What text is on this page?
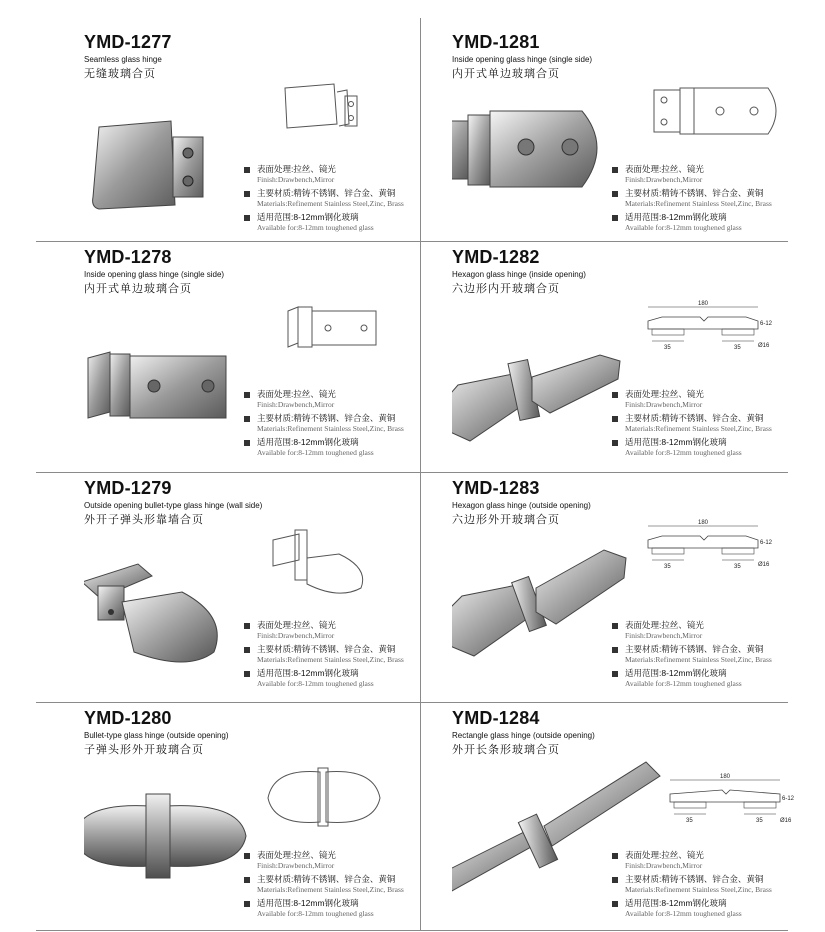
YMD-1277
Seamless glass hinge
无缝玻璃合页
表面处理:拉丝、镜光
Finish:Drawbench,Mirror
主要材质:精铸不锈钢、锌合金、黄铜
Materials:Refinement Stainless Steel,Zinc, Brass
适用范围:8-12mm钢化玻璃
Available for:8-12mm toughened glass
YMD-1281
Inside opening glass hinge (single side)
内开式单边玻璃合页
表面处理:拉丝、镜光
Finish:Drawbench,Mirror
主要材质:精铸不锈钢、锌合金、黄铜
Materials:Refinement Stainless Steel,Zinc, Brass
适用范围:8-12mm钢化玻璃
Available for:8-12mm toughened glass
YMD-1278
Inside opening glass hinge (single side)
内开式单边玻璃合页
表面处理:拉丝、镜光
Finish:Drawbench,Mirror
主要材质:精铸不锈钢、锌合金、黄铜
Materials:Refinement Stainless Steel,Zinc, Brass
适用范围:8-12mm钢化玻璃
Available for:8-12mm toughened glass
YMD-1282
Hexagon glass hinge (inside opening)
六边形内开玻璃合页
180
35	35
6-12
Ø16
表面处理:拉丝、镜光
Finish:Drawbench,Mirror
主要材质:精铸不锈钢、锌合金、黄铜
Materials:Refinement Stainless Steel,Zinc, Brass
适用范围:8-12mm钢化玻璃
Available for:8-12mm toughened glass
YMD-1279
Outside opening bullet-type glass hinge (wall side)
外开子弹头形靠墙合页
表面处理:拉丝、镜光
Finish:Drawbench,Mirror
主要材质:精铸不锈钢、锌合金、黄铜
Materials:Refinement Stainless Steel,Zinc, Brass
适用范围:8-12mm钢化玻璃
Available for:8-12mm toughened glass
YMD-1283
Hexagon glass hinge (outside opening)
六边形外开玻璃合页	180
35	35
6-12
Ø16
表面处理:拉丝、镜光
Finish:Drawbench,Mirror
主要材质:精铸不锈钢、锌合金、黄铜
Materials:Refinement Stainless Steel,Zinc, Brass
适用范围:8-12mm钢化玻璃
Available for:8-12mm toughened glass
YMD-1280
Bullet-type glass hinge (outside opening)
子弹头形外开玻璃合页
表面处理:拉丝、镜光
Finish:Drawbench,Mirror
主要材质:精铸不锈钢、锌合金、黄铜
Materials:Refinement Stainless Steel,Zinc, Brass
适用范围:8-12mm钢化玻璃
Available for:8-12mm toughened glass
YMD-1284
Rectangle glass hinge (outside opening)
外开长条形玻璃合页
180
35	35
6-12
Ø16
表面处理:拉丝、镜光
Finish:Drawbench,Mirror
主要材质:精铸不锈钢、锌合金、黄铜
Materials:Refinement Stainless Steel,Zinc, Brass
适用范围:8-12mm钢化玻璃
Available for:8-12mm toughened glass
